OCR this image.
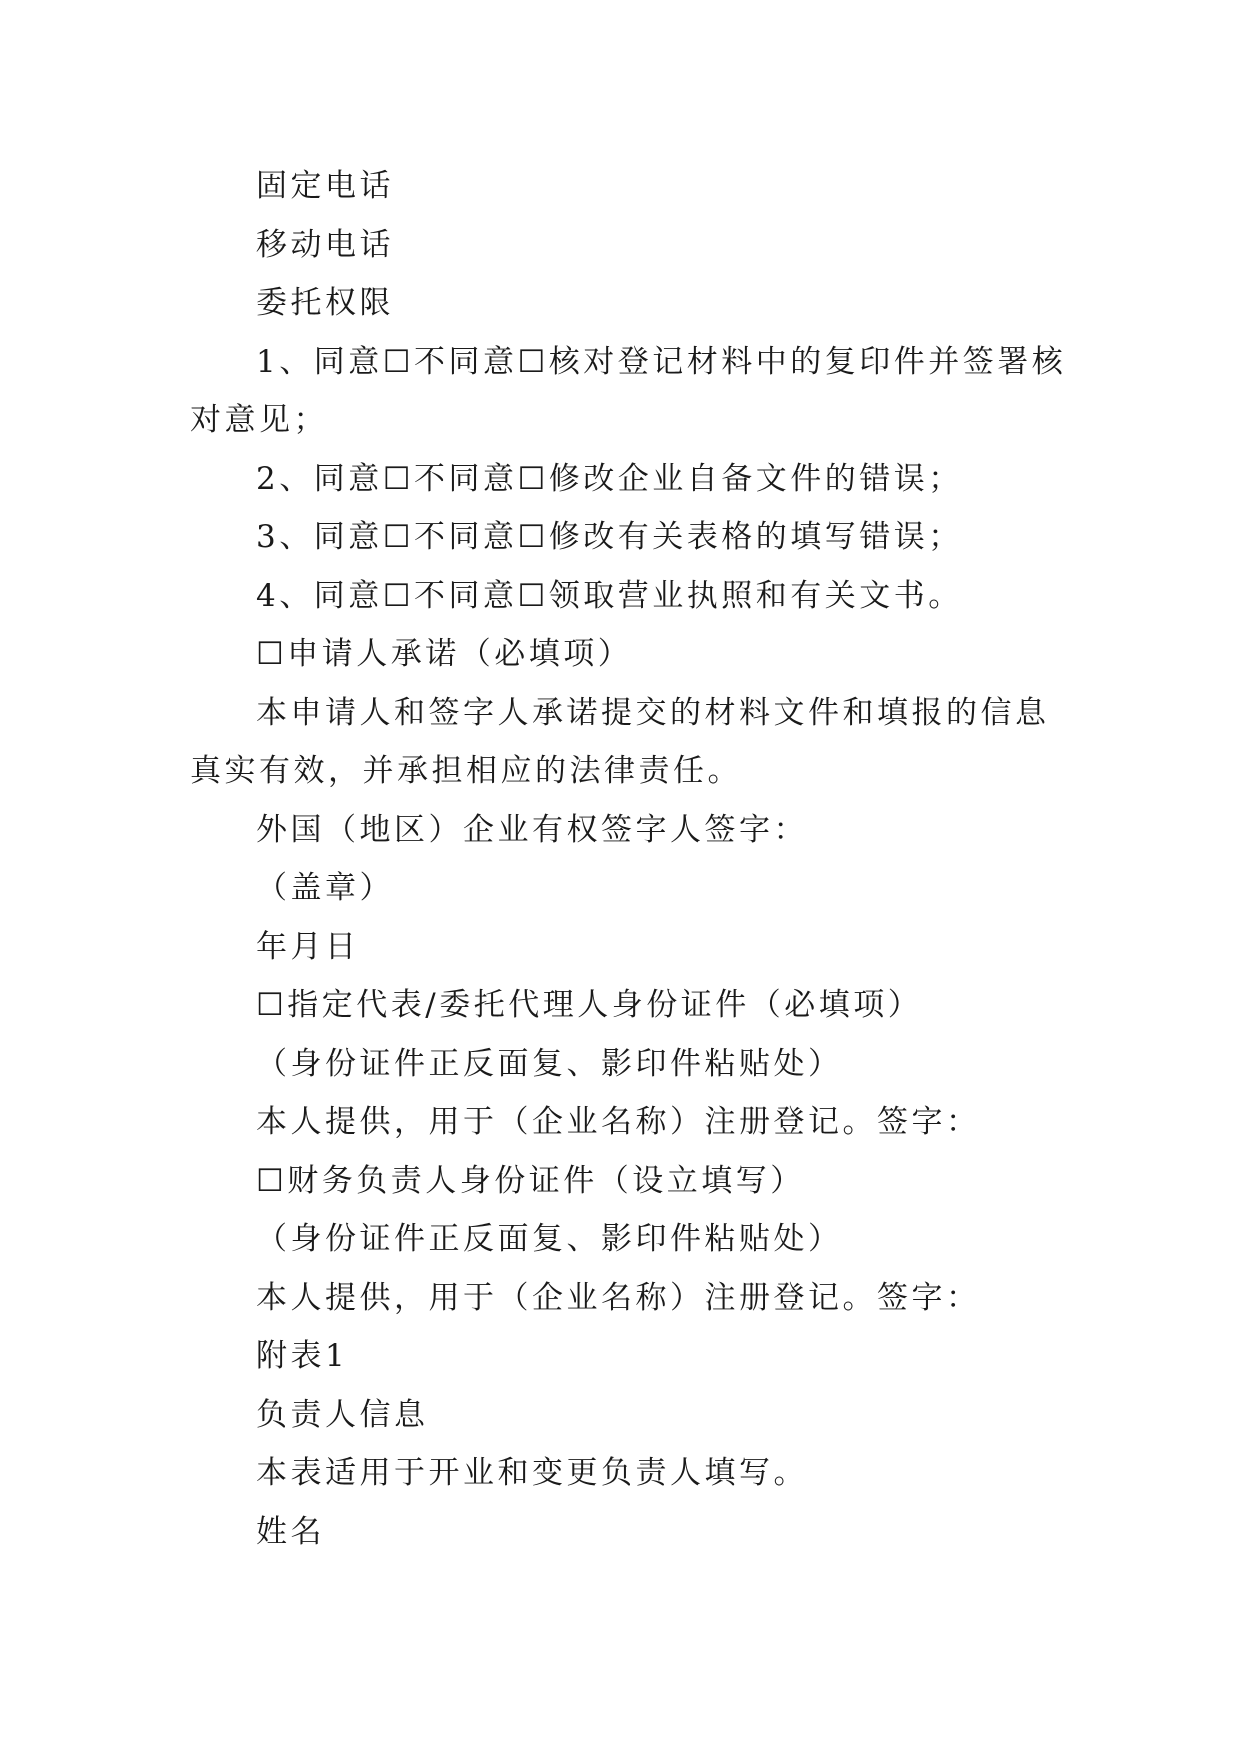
固定电话
移动电话
委托权限
1、同意☐不同意☐核对登记材料中的复印件并签署核
对意见；
2、同意☐不同意☐修改企业自备文件的错误；
3、同意☐不同意☐修改有关表格的填写错误；
4、同意☐不同意☐领取营业执照和有关文书。
☐申请人承诺（必填项）
本申请人和签字人承诺提交的材料文件和填报的信息
真实有效，并承担相应的法律责任。
外国（地区）企业有权签字人签字：
（盖章）
年月日
☐指定代表/委托代理人身份证件（必填项）
（身份证件正反面复、影印件粘贴处）
本人提供，用于（企业名称）注册登记。签字：
☐财务负责人身份证件（设立填写）
（身份证件正反面复、影印件粘贴处）
本人提供，用于（企业名称）注册登记。签字：
附表1
负责人信息
本表适用于开业和变更负责人填写。
姓名
